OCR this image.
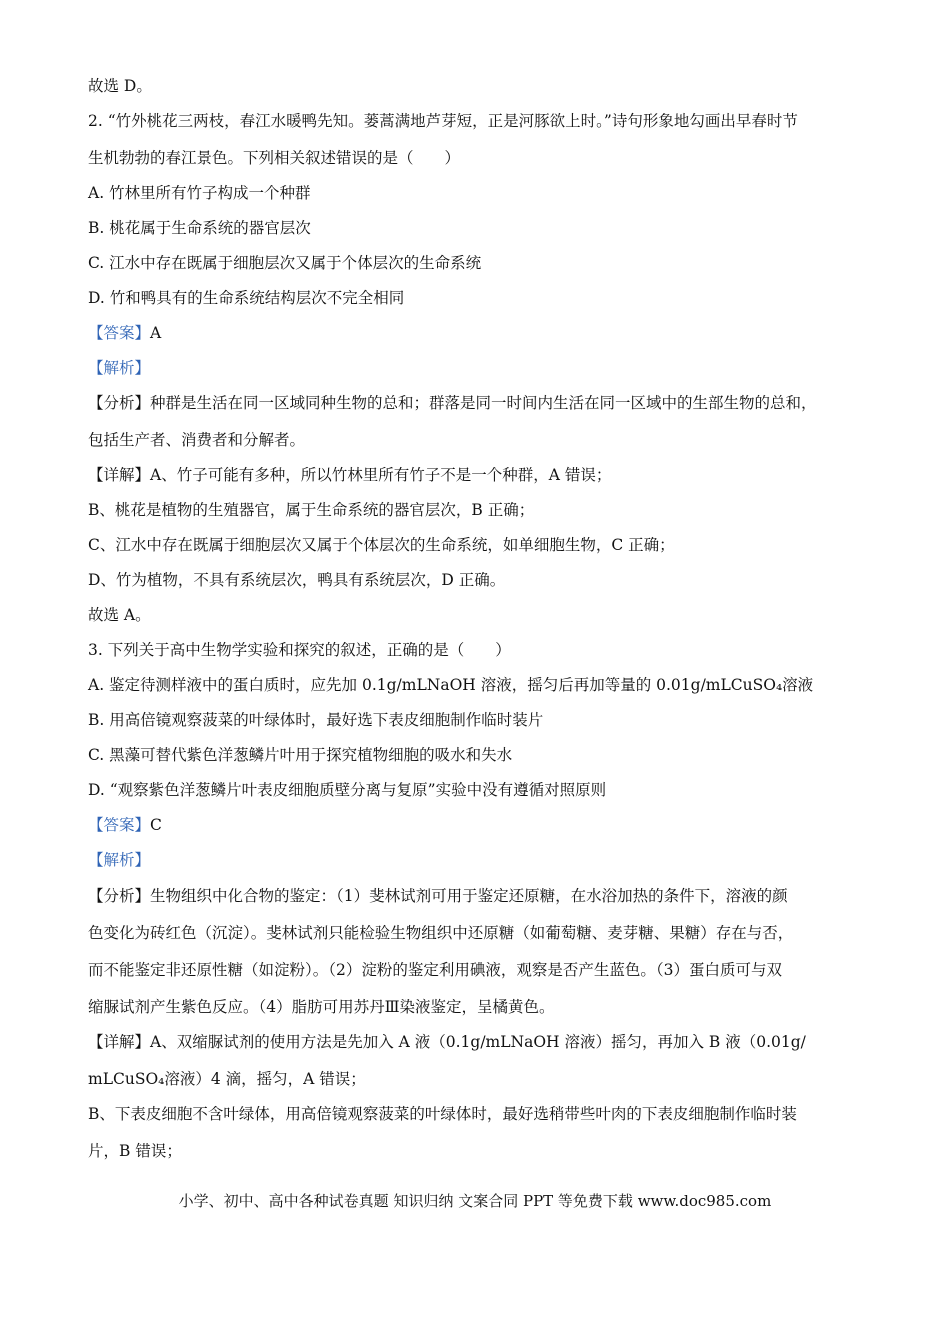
故选 D。
2. “竹外桃花三两枝，春江水暖鸭先知。蒌蒿满地芦芽短，正是河豚欲上时。”诗句形象地勾画出早春时节
生机勃勃的春江景色。下列相关叙述错误的是（　　）
A. 竹林里所有竹子构成一个种群
B. 桃花属于生命系统的器官层次
C. 江水中存在既属于细胞层次又属于个体层次的生命系统
D. 竹和鸭具有的生命系统结构层次不完全相同
【答案】A
【解析】
【分析】种群是生活在同一区域同种生物的总和；群落是同一时间内生活在同一区域中的生部生物的总和，
包括生产者、消费者和分解者。
【详解】A、竹子可能有多种，所以竹林里所有竹子不是一个种群，A 错误；
B、桃花是植物的生殖器官，属于生命系统的器官层次，B 正确；
C、江水中存在既属于细胞层次又属于个体层次的生命系统，如单细胞生物，C 正确；
D、竹为植物，不具有系统层次，鸭具有系统层次，D 正确。
故选 A。
3. 下列关于高中生物学实验和探究的叙述，正确的是（　　）
A. 鉴定待测样液中的蛋白质时，应先加 0.1g/mLNaOH 溶液，摇匀后再加等量的 0.01g/mLCuSO₄溶液
B. 用高倍镜观察菠菜的叶绿体时，最好选下表皮细胞制作临时装片
C. 黑藻可替代紫色洋葱鳞片叶用于探究植物细胞的吸水和失水
D. “观察紫色洋葱鳞片叶表皮细胞质壁分离与复原”实验中没有遵循对照原则
【答案】C
【解析】
【分析】生物组织中化合物的鉴定：（1）斐林试剂可用于鉴定还原糖，在水浴加热的条件下，溶液的颜
色变化为砖红色（沉淀）。斐林试剂只能检验生物组织中还原糖（如葡萄糖、麦芽糖、果糖）存在与否，
而不能鉴定非还原性糖（如淀粉）。（2）淀粉的鉴定利用碘液，观察是否产生蓝色。（3）蛋白质可与双
缩脲试剂产生紫色反应。（4）脂肪可用苏丹Ⅲ染液鉴定，呈橘黄色。
【详解】A、双缩脲试剂的使用方法是先加入 A 液（0.1g/mLNaOH 溶液）摇匀，再加入 B 液（0.01g/
mLCuSO₄溶液）4 滴，摇匀，A 错误；
B、下表皮细胞不含叶绿体，用高倍镜观察菠菜的叶绿体时，最好选稍带些叶肉的下表皮细胞制作临时装
片，B 错误；
小学、初中、高中各种试卷真题 知识归纳 文案合同 PPT 等免费下载 www.doc985.com
